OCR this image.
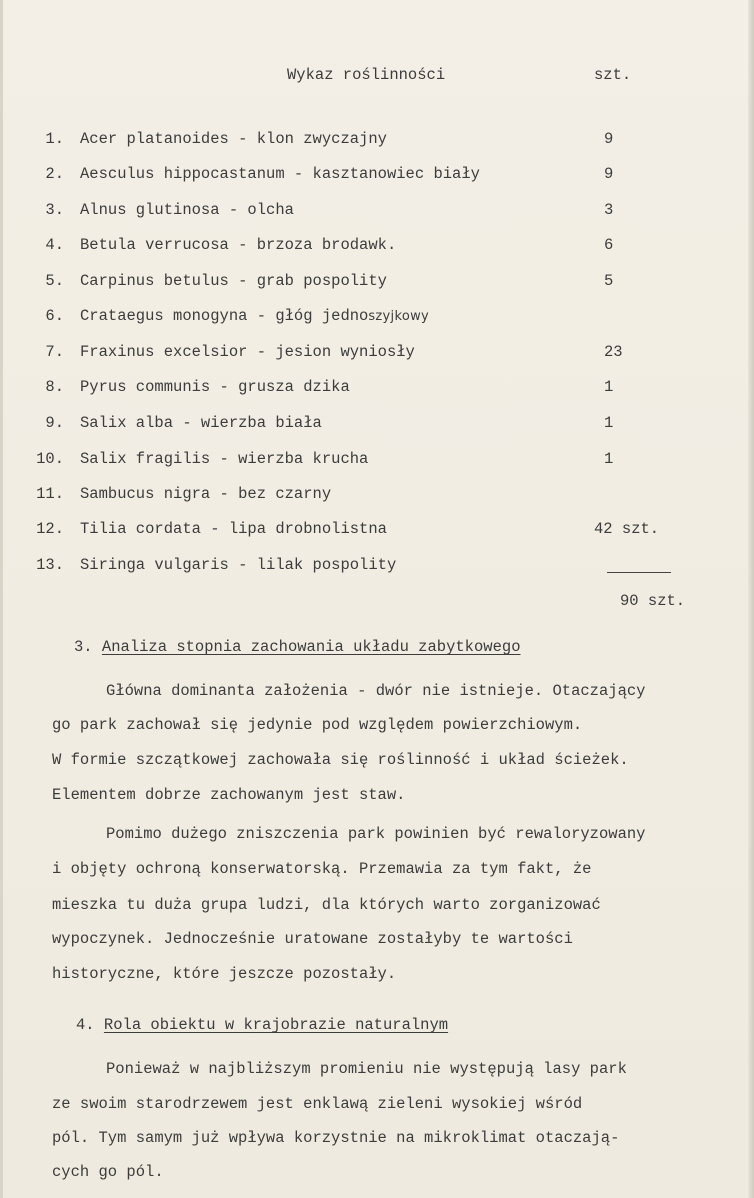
Wykaz roślinności	szt.
1. Acer platanoides - klon zwyczajny	9
2. Aesculus hippocastanum - kasztanowiec biały	9
3. Alnus glutinosa - olcha	3
4. Betula verrucosa - brzoza brodawk.	6
5. Carpinus betulus - grab pospolity	5
6. Crataegus monogyna - głóg jednoszyjkowy
7. Fraxinus excelsior - jesion wyniosły	23
8. Pyrus communis - grusza dzika	1
9. Salix alba - wierzba biała	1
10. Salix fragilis - wierzba krucha	1
11. Sambucus nigra - bez czarny
12. Tilia cordata - lipa drobnolistna	42 szt.
13. Siringa vulgaris - lilak pospolity
90 szt.
3. Analiza stopnia zachowania układu zabytkowego
Główna dominanta założenia - dwór nie istnieje. Otaczający
go park zachował się jedynie pod względem powierzchiowym.
W formie szczątkowej zachowała się roślinność i układ ścieżek.
Elementem dobrze zachowanym jest staw.
Pomimo dużego zniszczenia park powinien być rewaloryzowany
i objęty ochroną konserwatorską. Przemawia za tym fakt, że
mieszka tu duża grupa ludzi, dla których warto zorganizować
wypoczynek. Jednocześnie uratowane zostałyby te wartości
historyczne, które jeszcze pozostały.
4. Rola obiektu w krajobrazie naturalnym
Ponieważ w najbliższym promieniu nie występują lasy park
ze swoim starodrzewem jest enklawą zieleni wysokiej wśród
pól. Tym samym już wpływa korzystnie na mikroklimat otaczają-
cych go pól.
